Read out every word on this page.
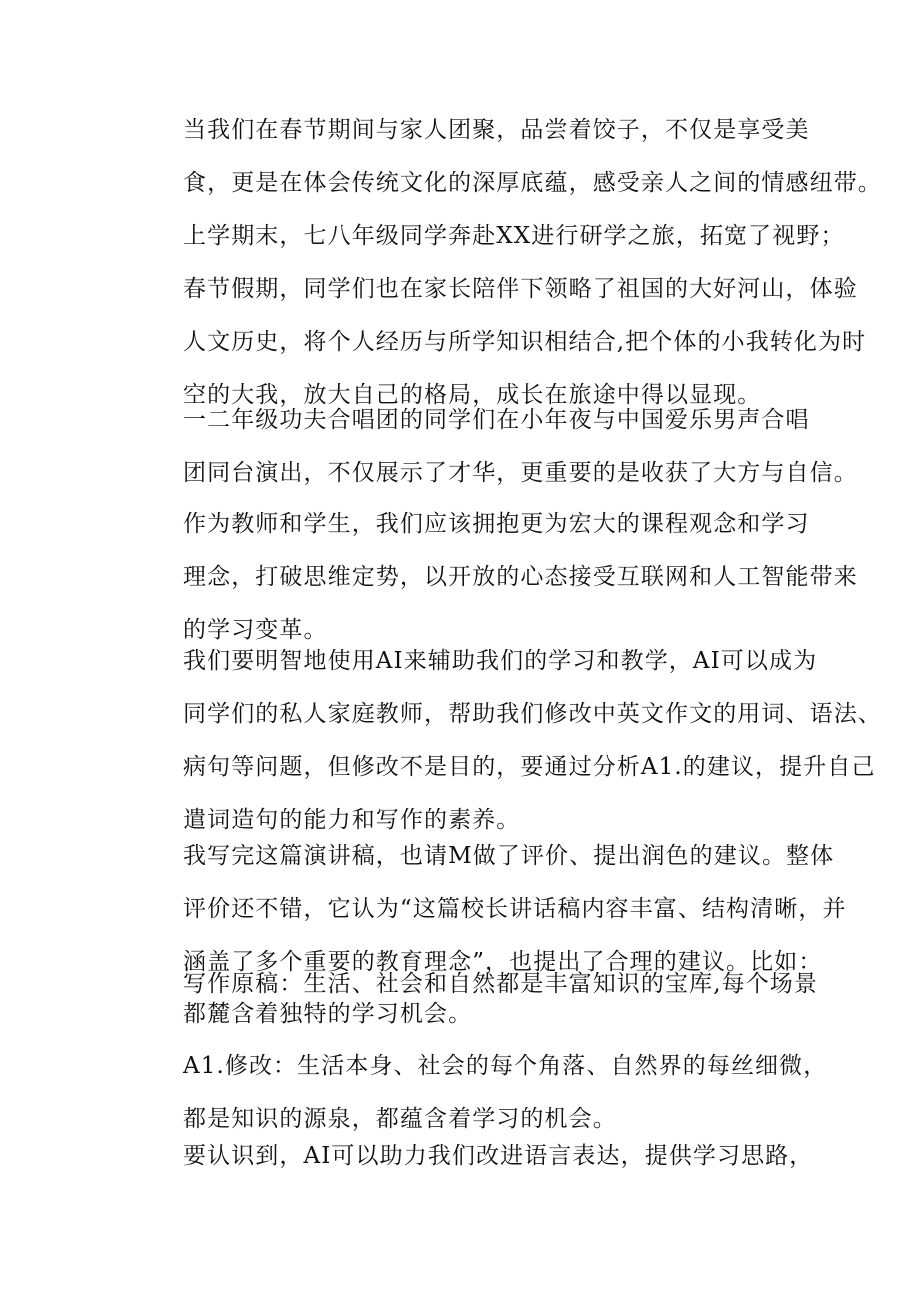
当我们在春节期间与家人团聚，品尝着饺子，不仅是享受美
食，更是在体会传统文化的深厚底蕴，感受亲人之间的情感纽带。

上学期末，七八年级同学奔赴XX进行研学之旅，拓宽了视野；
春节假期，同学们也在家长陪伴下领略了祖国的大好河山，体验
人文历史，将个人经历与所学知识相结合,把个体的小我转化为时
空的大我，放大自己的格局，成长在旅途中得以显现。

一二年级功夫合唱团的同学们在小年夜与中国爱乐男声合唱
团同台演出，不仅展示了才华，更重要的是收获了大方与自信。

作为教师和学生，我们应该拥抱更为宏大的课程观念和学习
理念，打破思维定势，以开放的心态接受互联网和人工智能带来
的学习变革。

我们要明智地使用AI来辅助我们的学习和教学，AI可以成为
同学们的私人家庭教师，帮助我们修改中英文作文的用词、语法、
病句等问题，但修改不是目的，要通过分析A1.的建议，提升自己
遣词造句的能力和写作的素养。

我写完这篇演讲稿，也请M做了评价、提出润色的建议。整体
评价还不错，它认为“这篇校长讲话稿内容丰富、结构清晰，并
涵盖了多个重要的教育理念”，也提出了合理的建议。比如：

写作原稿：生活、社会和自然都是丰富知识的宝库,每个场景
都麓含着独特的学习机会。

A1.修改：生活本身、社会的每个角落、自然界的每丝细微，
都是知识的源泉，都蕴含着学习的机会。

要认识到，AI可以助力我们改进语言表达，提供学习思路，
